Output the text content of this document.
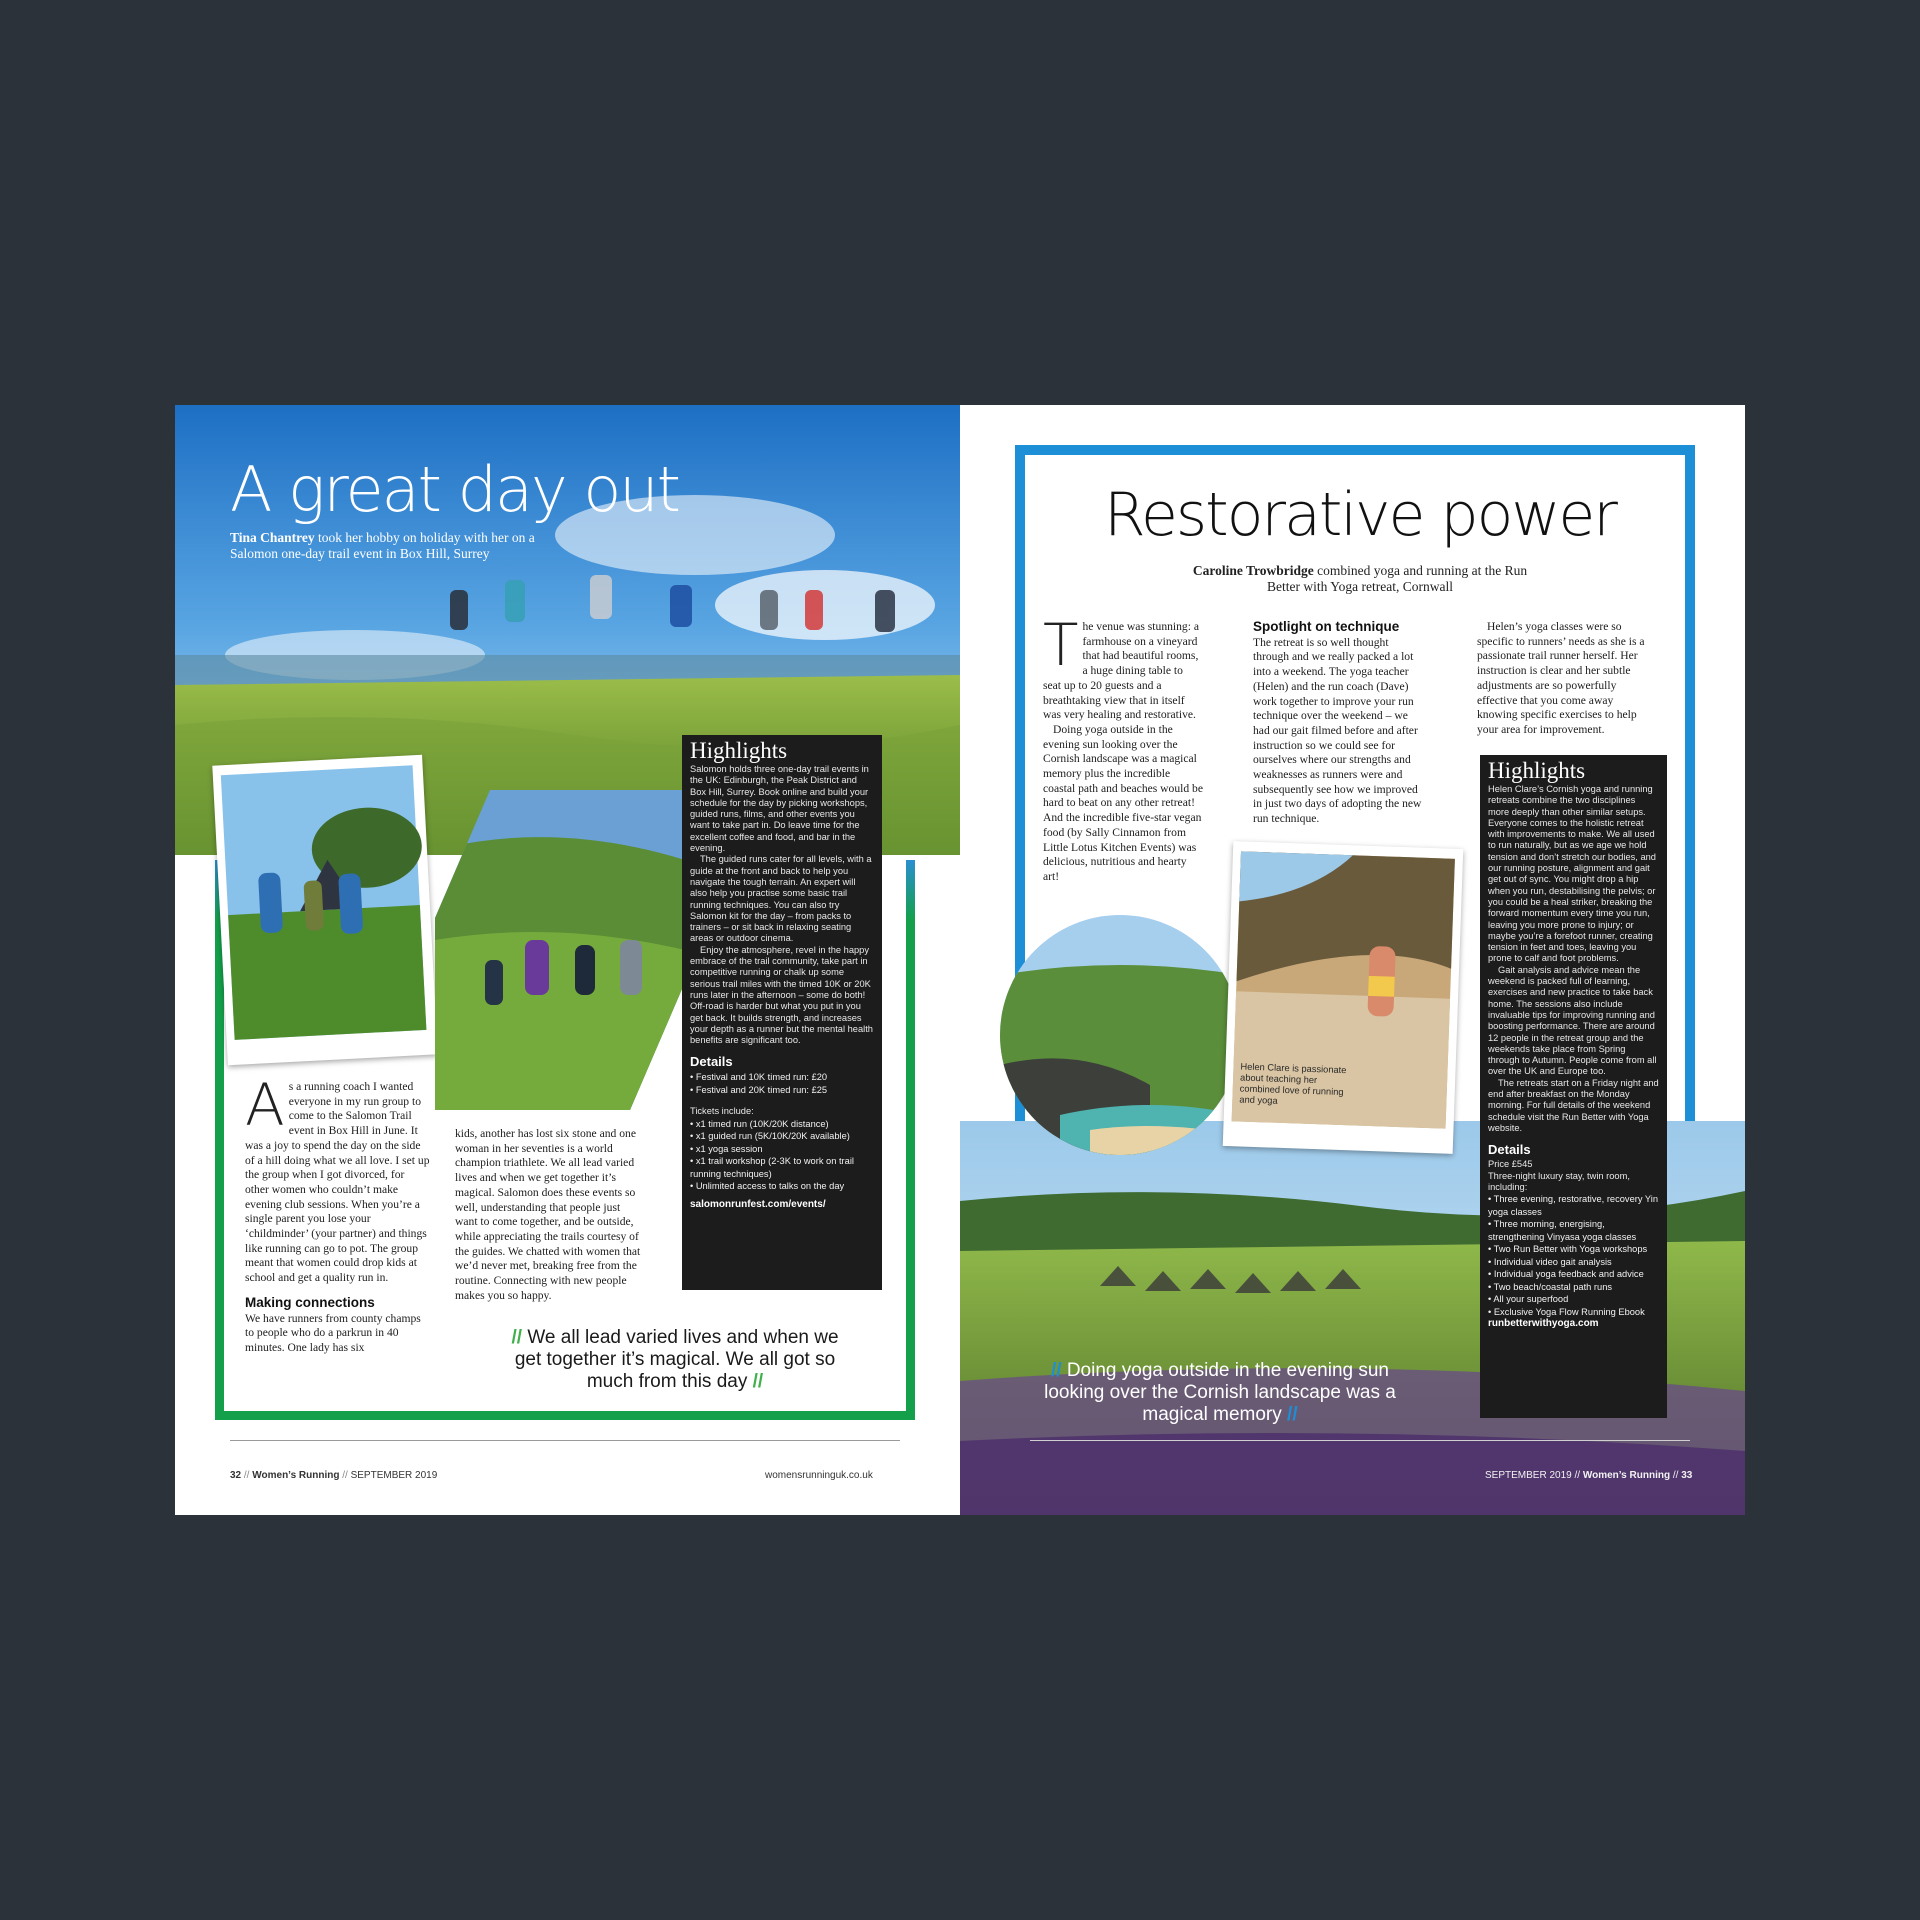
A great day out

Tina Chantrey took her hobby on holiday with her on a Salomon one-day trail event in Box Hill, Surrey

Highlights
Salomon holds three one-day trail events in the UK: Edinburgh, the Peak District and Box Hill, Surrey. Book online and build your schedule for the day by picking workshops, guided runs, films, and other events you want to take part in. Do leave time for the excellent coffee and food, and bar in the evening.
The guided runs cater for all levels, with a guide at the front and back to help you navigate the tough terrain. An expert will also help you practise some basic trail running techniques. You can also try Salomon kit for the day – from packs to trainers – or sit back in relaxing seating areas or outdoor cinema.
Enjoy the atmosphere, revel in the happy embrace of the trail community, take part in competitive running or chalk up some serious trail miles with the timed 10K or 20K runs later in the afternoon – some do both! Off-road is harder but what you put in you get back. It builds strength, and increases your depth as a runner but the mental health benefits are significant too.
Details
• Festival and 10K timed run: £20
• Festival and 20K timed run: £25
Tickets include:
• x1 timed run (10K/20K distance)
• x1 guided run (5K/10K/20K available)
• x1 yoga session
• x1 trail workshop (2-3K to work on trail running techniques)
• Unlimited access to talks on the day
salomonrunfest.com/events/
As a running coach I wanted everyone in my run group to come to the Salomon Trail event in Box Hill in June. It was a joy to spend the day on the side of a hill doing what we all love. I set up the group when I got divorced, for other women who couldn’t make evening club sessions. When you’re a single parent you lose your ‘childminder’ (your partner) and things like running can go to pot. The group meant that women could drop kids at school and get a quality run in.
Making connections
We have runners from county champs to people who do a parkrun in 40 minutes. One lady has six
kids, another has lost six stone and one woman in her seventies is a world champion triathlete. We all lead varied lives and when we get together it’s magical. Salomon does these events so well, understanding that people just want to come together, and be outside, while appreciating the trails courtesy of the guides. We chatted with women that we’d never met, breaking free from the routine. Connecting with new people makes you so happy.
// We all lead varied lives and when we get together it’s magical. We all got so much from this day //
32 // Women’s Running // SEPTEMBER 2019	womensrunninguk.co.uk
Restorative power

Caroline Trowbridge combined yoga and running at the Run Better with Yoga retreat, Cornwall

The venue was stunning: a farmhouse on a vineyard that had beautiful rooms, a huge dining table to seat up to 20 guests and a breathtaking view that in itself was very healing and restorative.
Doing yoga outside in the evening sun looking over the Cornish landscape was a magical memory plus the incredible coastal path and beaches would be hard to beat on any other retreat! And the incredible five-star vegan food (by Sally Cinnamon from Little Lotus Kitchen Events) was delicious, nutritious and hearty art!
Spotlight on technique
The retreat is so well thought through and we really packed a lot into a weekend. The yoga teacher (Helen) and the run coach (Dave) work together to improve your run technique over the weekend – we had our gait filmed before and after instruction so we could see for ourselves where our strengths and weaknesses as runners were and subsequently see how we improved in just two days of adopting the new run technique.
Helen’s yoga classes were so specific to runners’ needs as she is a passionate trail runner herself. Her instruction is clear and her subtle adjustments are so powerfully effective that you come away knowing specific exercises to help your area for improvement.
Helen Clare is passionate about teaching her combined love of running and yoga
Highlights
Helen Clare’s Cornish yoga and running retreats combine the two disciplines more deeply than other similar setups. Everyone comes to the holistic retreat with improvements to make. We all used to run naturally, but as we age we hold tension and don’t stretch our bodies, and our running posture, alignment and gait get out of sync. You might drop a hip when you run, destabilising the pelvis; or you could be a heal striker, breaking the forward momentum every time you run, leaving you more prone to injury; or maybe you’re a forefoot runner, creating tension in feet and toes, leaving you prone to calf and foot problems.
Gait analysis and advice mean the weekend is packed full of learning, exercises and new practice to take back home. The sessions also include invaluable tips for improving running and boosting performance. There are around 12 people in the retreat group and the weekends take place from Spring through to Autumn. People come from all over the UK and Europe too.
The retreats start on a Friday night and end after breakfast on the Monday morning. For full details of the weekend schedule visit the Run Better with Yoga website.
Details
Price £545
Three-night luxury stay, twin room, including:
• Three evening, restorative, recovery Yin yoga classes
• Three morning, energising, strengthening Vinyasa yoga classes
• Two Run Better with Yoga workshops
• Individual video gait analysis
• Individual yoga feedback and advice
• Two beach/coastal path runs
• All your superfood
• Exclusive Yoga Flow Running Ebook
runbetterwithyoga.com
// Doing yoga outside in the evening sun looking over the Cornish landscape was a magical memory //
SEPTEMBER 2019 // Women’s Running // 33
